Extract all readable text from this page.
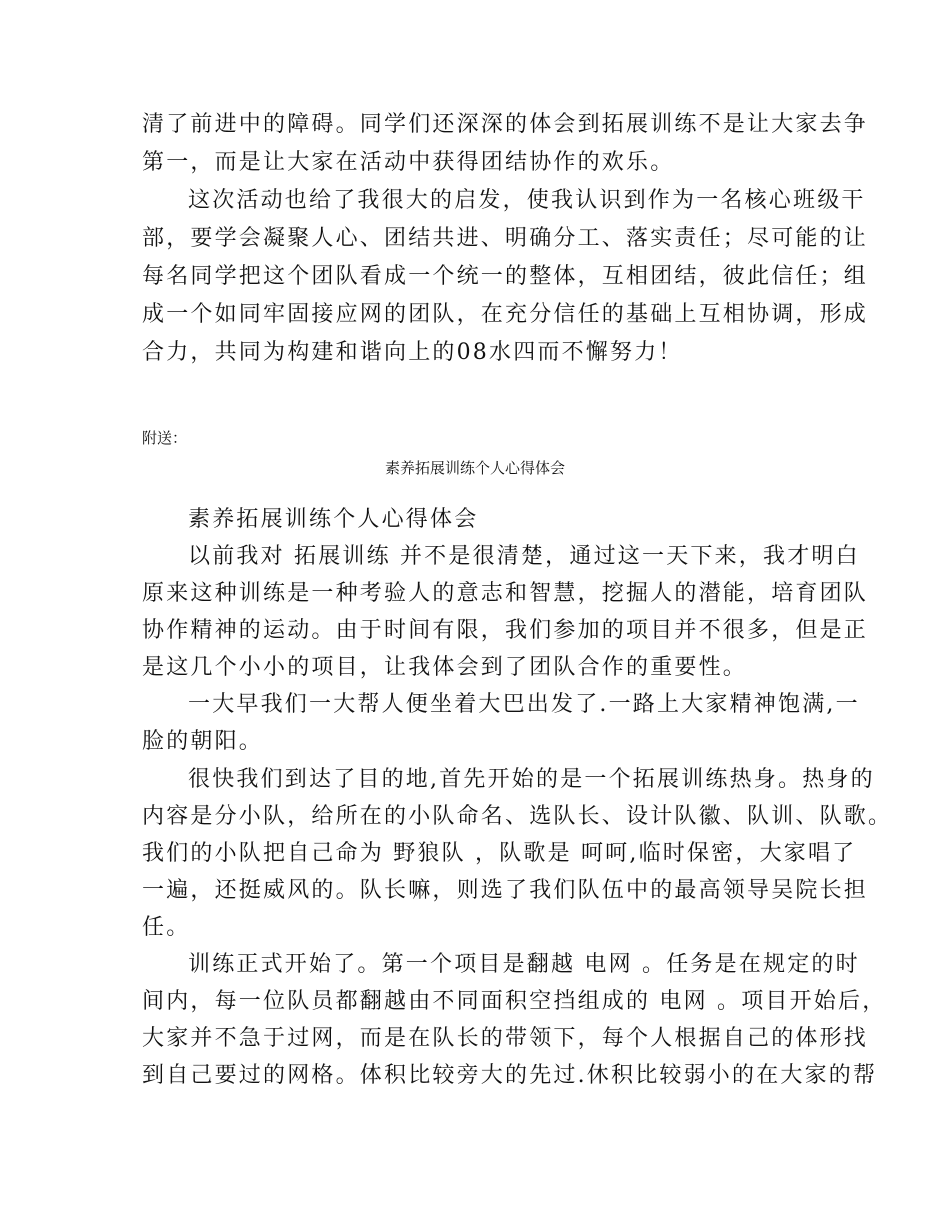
清了前进中的障碍。同学们还深深的体会到拓展训练不是让大家去争
第一，而是让大家在活动中获得团结协作的欢乐。
这次活动也给了我很大的启发，使我认识到作为一名核心班级干
部，要学会凝聚人心、团结共进、明确分工、落实责任；尽可能的让
每名同学把这个团队看成一个统一的整体，互相团结，彼此信任；组
成一个如同牢固接应网的团队，在充分信任的基础上互相协调，形成
合力，共同为构建和谐向上的08水四而不懈努力！
附送：
素养拓展训练个人心得体会
素养拓展训练个人心得体会
以前我对 拓展训练 并不是很清楚，通过这一天下来，我才明白
原来这种训练是一种考验人的意志和智慧，挖掘人的潜能，培育团队
协作精神的运动。由于时间有限，我们参加的项目并不很多，但是正
是这几个小小的项目，让我体会到了团队合作的重要性。
一大早我们一大帮人便坐着大巴出发了.一路上大家精神饱满,一
脸的朝阳。
很快我们到达了目的地,首先开始的是一个拓展训练热身。热身的
内容是分小队，给所在的小队命名、选队长、设计队徽、队训、队歌。
我们的小队把自己命为 野狼队 ，队歌是 呵呵,临时保密，大家唱了
一遍，还挺威风的。队长嘛，则选了我们队伍中的最高领导吴院长担
任。
训练正式开始了。第一个项目是翻越 电网 。任务是在规定的时
间内，每一位队员都翻越由不同面积空挡组成的 电网 。项目开始后，
大家并不急于过网，而是在队长的带领下，每个人根据自己的体形找
到自己要过的网格。体积比较旁大的先过.休积比较弱小的在大家的帮
